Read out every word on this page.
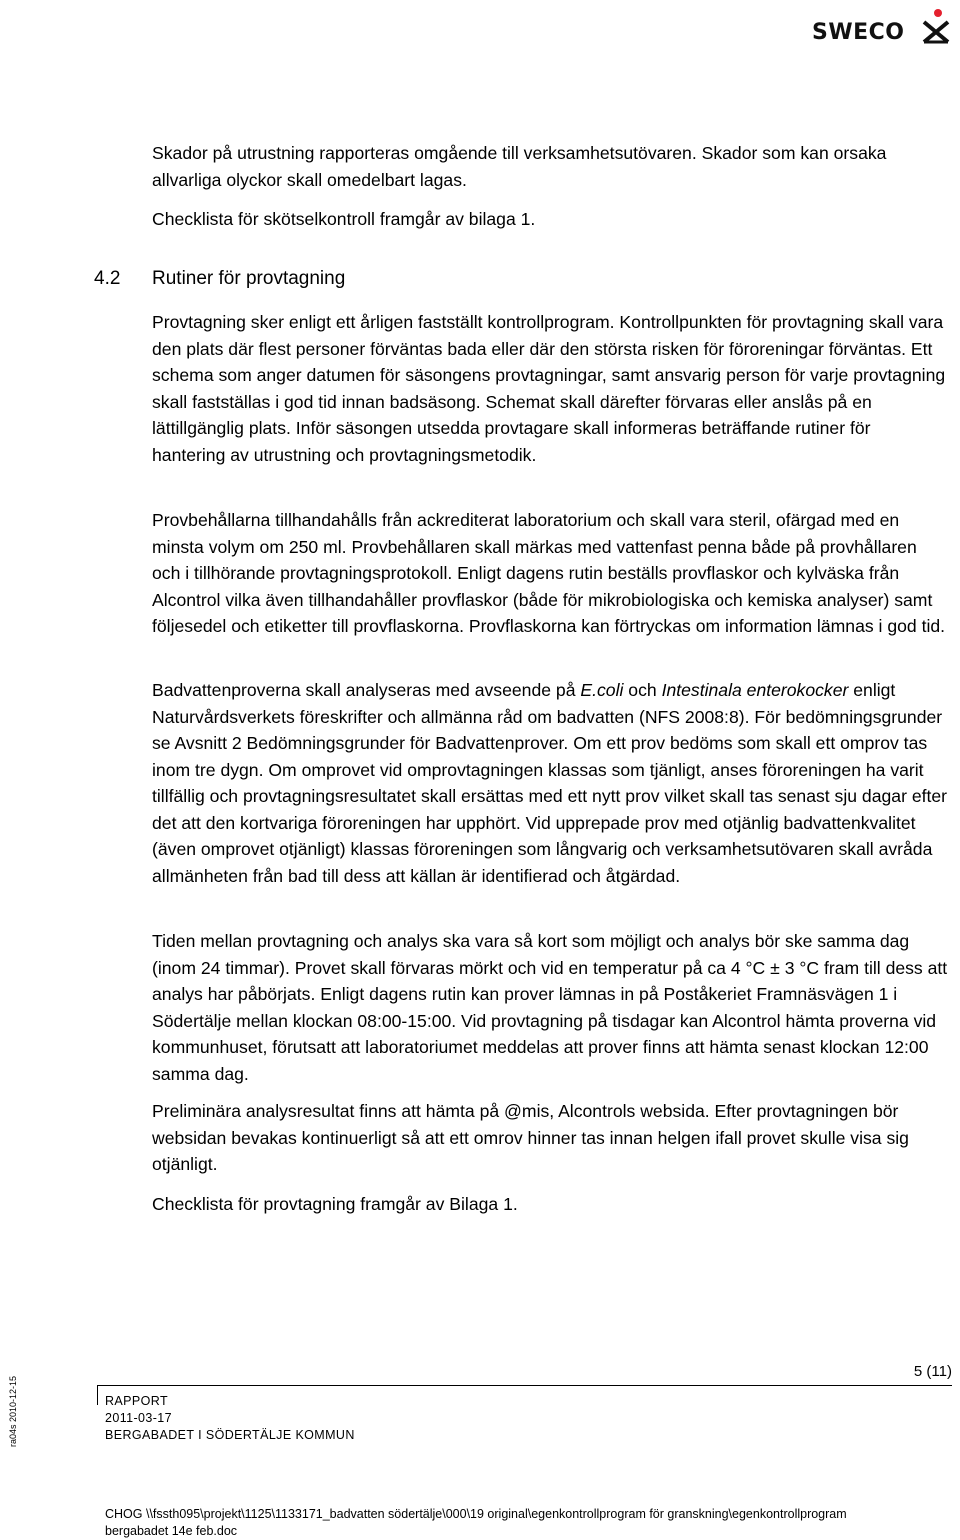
SWECO

Skador på utrustning rapporteras omgående till verksamhetsutövaren. Skador som kan orsaka allvarliga olyckor skall omedelbart lagas.

Checklista för skötselkontroll framgår av bilaga 1.

4.2 Rutiner för provtagning

Provtagning sker enligt ett årligen fastställt kontrollprogram. Kontrollpunkten för provtagning skall vara den plats där flest personer förväntas bada eller där den största risken för föroreningar förväntas. Ett schema som anger datumen för säsongens provtagningar, samt ansvarig person för varje provtagning skall fastställas i god tid innan badsäsong. Schemat skall därefter förvaras eller anslås på en lättillgänglig plats. Inför säsongen utsedda provtagare skall informeras beträffande rutiner för hantering av utrustning och provtagningsmetodik.

Provbehållarna tillhandahålls från ackrediterat laboratorium och skall vara steril, ofärgad med en minsta volym om 250 ml. Provbehållaren skall märkas med vattenfast penna både på provhållaren och i tillhörande provtagningsprotokoll. Enligt dagens rutin beställs provflaskor och kylväska från Alcontrol vilka även tillhandahåller provflaskor (både för mikrobiologiska och kemiska analyser) samt följesedel och etiketter till provflaskorna. Provflaskorna kan förtryckas om information lämnas i god tid.

Badvattenproverna skall analyseras med avseende på E.coli och Intestinala enterokocker enligt Naturvårdsverkets föreskrifter och allmänna råd om badvatten (NFS 2008:8). För bedömningsgrunder se Avsnitt 2 Bedömningsgrunder för Badvattenprover. Om ett prov bedöms som skall ett omprov tas inom tre dygn. Om omprovet vid omprovtagningen klassas som tjänligt, anses föroreningen ha varit tillfällig och provtagningsresultatet skall ersättas med ett nytt prov vilket skall tas senast sju dagar efter det att den kortvariga föroreningen har upphört. Vid upprepade prov med otjänlig badvattenkvalitet (även omprovet otjänligt) klassas föroreningen som långvarig och verksamhetsutövaren skall avråda allmänheten från bad till dess att källan är identifierad och åtgärdad.

Tiden mellan provtagning och analys ska vara så kort som möjligt och analys bör ske samma dag (inom 24 timmar). Provet skall förvaras mörkt och vid en temperatur på ca 4 °C ± 3 °C fram till dess att analys har påbörjats. Enligt dagens rutin kan prover lämnas in på Poståkeriet Framnäsvägen 1 i Södertälje mellan klockan 08:00-15:00. Vid provtagning på tisdagar kan Alcontrol hämta proverna vid kommunhuset, förutsatt att laboratoriumet meddelas att prover finns att hämta senast klockan 12:00 samma dag.

Preliminära analysresultat finns att hämta på @mis, Alcontrols websida. Efter provtagningen bör websidan bevakas kontinuerligt så att ett omrov hinner tas innan helgen ifall provet skulle visa sig otjänligt.

Checklista för provtagning framgår av Bilaga 1.

ra04s 2010-12-15
5 (11)
RAPPORT
2011-03-17
BERGABADET I SÖDERTÄLJE KOMMUN
CHOG \\fssth095\projekt\1125\1133171_badvatten södertälje\000\19 original\egenkontrollprogram för granskning\egenkontrollprogram
bergabadet 14e feb.doc
